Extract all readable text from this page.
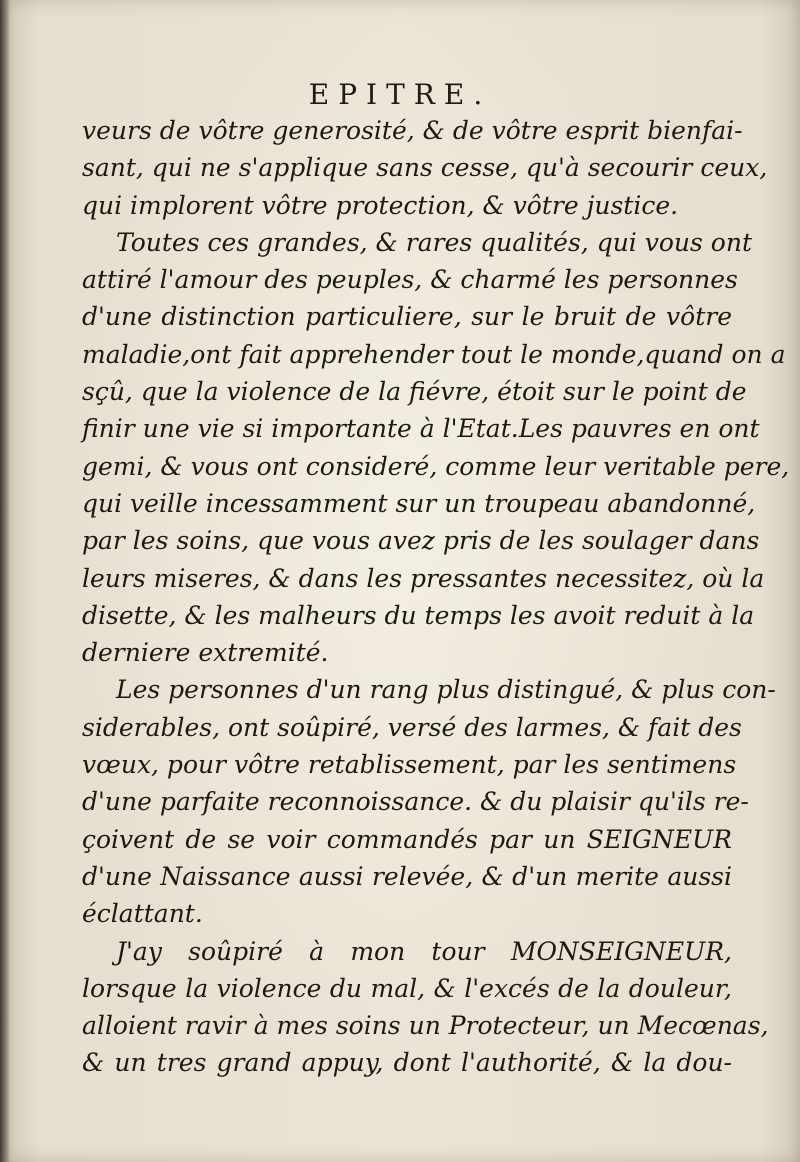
EPITRE.
veurs de vôtre generosité, & de vôtre esprit bienfai-
sant, qui ne s'applique sans cesse, qu'à secourir ceux,
qui implorent vôtre protection, & vôtre justice.
Toutes ces grandes, & rares qualités, qui vous ont
attiré l'amour des peuples, & charmé les personnes
d'une distinction particuliere, sur le bruit de vôtre
maladie,ont fait apprehender tout le monde,quand on a
sçû, que la violence de la fiévre, étoit sur le point de
finir une vie si importante à l'Etat.Les pauvres en ont
gemi, & vous ont consideré, comme leur veritable pere,
qui veille incessamment sur un troupeau abandonné,
par les soins, que vous avez pris de les soulager dans
leurs miseres, & dans les pressantes necessitez, où la
disette, & les malheurs du temps les avoit reduit à la
derniere extremité.
Les personnes d'un rang plus distingué, & plus con-
siderables, ont soûpiré, versé des larmes, & fait des
vœux, pour vôtre retablissement, par les sentimens
d'une parfaite reconnoissance. & du plaisir qu'ils re-
çoivent de se voir commandés par un SEIGNEUR
d'une Naissance aussi relevée, & d'un merite aussi
éclattant.
J'ay soûpiré à mon tour MONSEIGNEUR,
lorsque la violence du mal, & l'excés de la douleur,
alloient ravir à mes soins un Protecteur, un Mecœnas,
& un tres grand appuy, dont l'authorité, & la dou-
